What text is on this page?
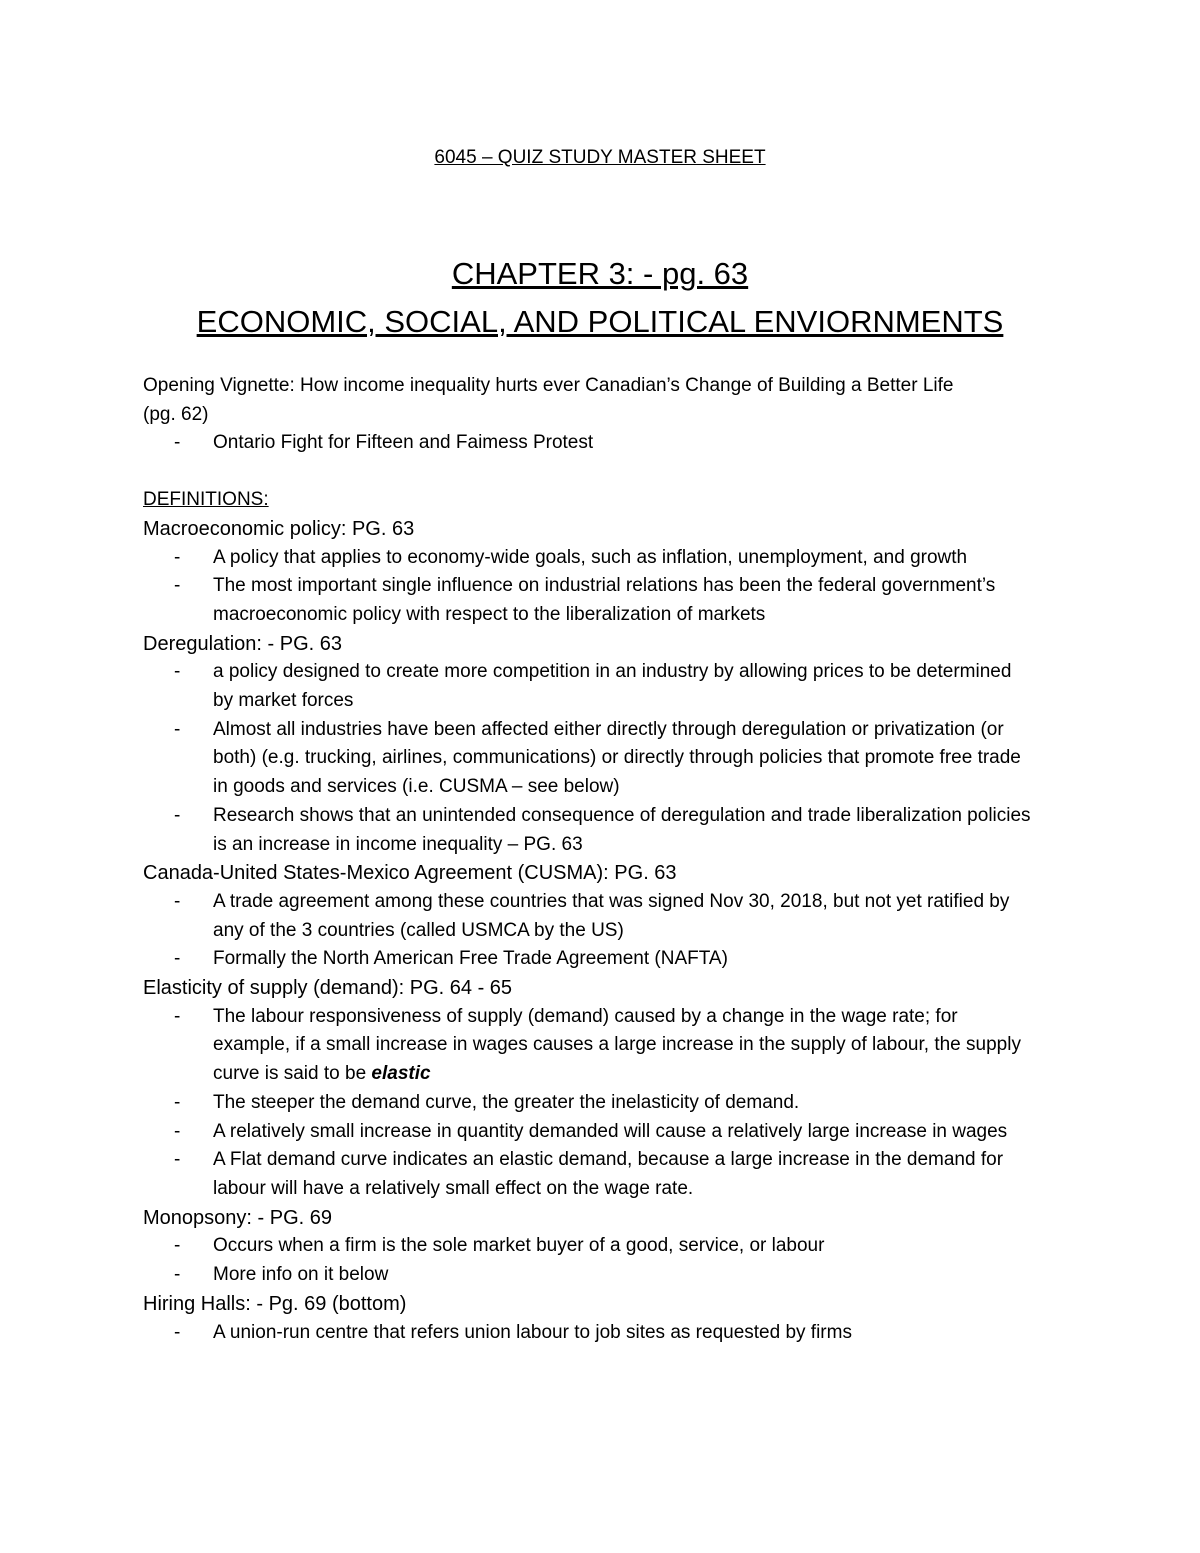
6045 – QUIZ STUDY MASTER SHEET
CHAPTER 3: - pg. 63
ECONOMIC, SOCIAL, AND POLITICAL ENVIORNMENTS

Opening Vignette: How income inequality hurts ever Canadian’s Change of Building a Better Life

(pg. 62)

- Ontario Fight for Fifteen and Faimess Protest

DEFINITIONS:

Macroeconomic policy: PG. 63

- A policy that applies to economy-wide goals, such as inflation, unemployment, and growth
- The most important single influence on industrial relations has been the federal government’s macroeconomic policy with respect to the liberalization of markets

Deregulation: - PG. 63

- a policy designed to create more competition in an industry by allowing prices to be determined by market forces
- Almost all industries have been affected either directly through deregulation or privatization (or both) (e.g. trucking, airlines, communications) or directly through policies that promote free trade in goods and services (i.e. CUSMA – see below)
- Research shows that an unintended consequence of deregulation and trade liberalization policies is an increase in income inequality – PG. 63

Canada-United States-Mexico Agreement (CUSMA): PG. 63

- A trade agreement among these countries that was signed Nov 30, 2018, but not yet ratified by any of the 3 countries (called USMCA by the US)
- Formally the North American Free Trade Agreement (NAFTA)

Elasticity of supply (demand): PG. 64 - 65

- The labour responsiveness of supply (demand) caused by a change in the wage rate; for example, if a small increase in wages causes a large increase in the supply of labour, the supply curve is said to be elastic
- The steeper the demand curve, the greater the inelasticity of demand.
- A relatively small increase in quantity demanded will cause a relatively large increase in wages
- A Flat demand curve indicates an elastic demand, because a large increase in the demand for labour will have a relatively small effect on the wage rate.

Monopsony: - PG. 69

- Occurs when a firm is the sole market buyer of a good, service, or labour
- More info on it below

Hiring Halls: - Pg. 69 (bottom)

- A union-run centre that refers union labour to job sites as requested by firms
